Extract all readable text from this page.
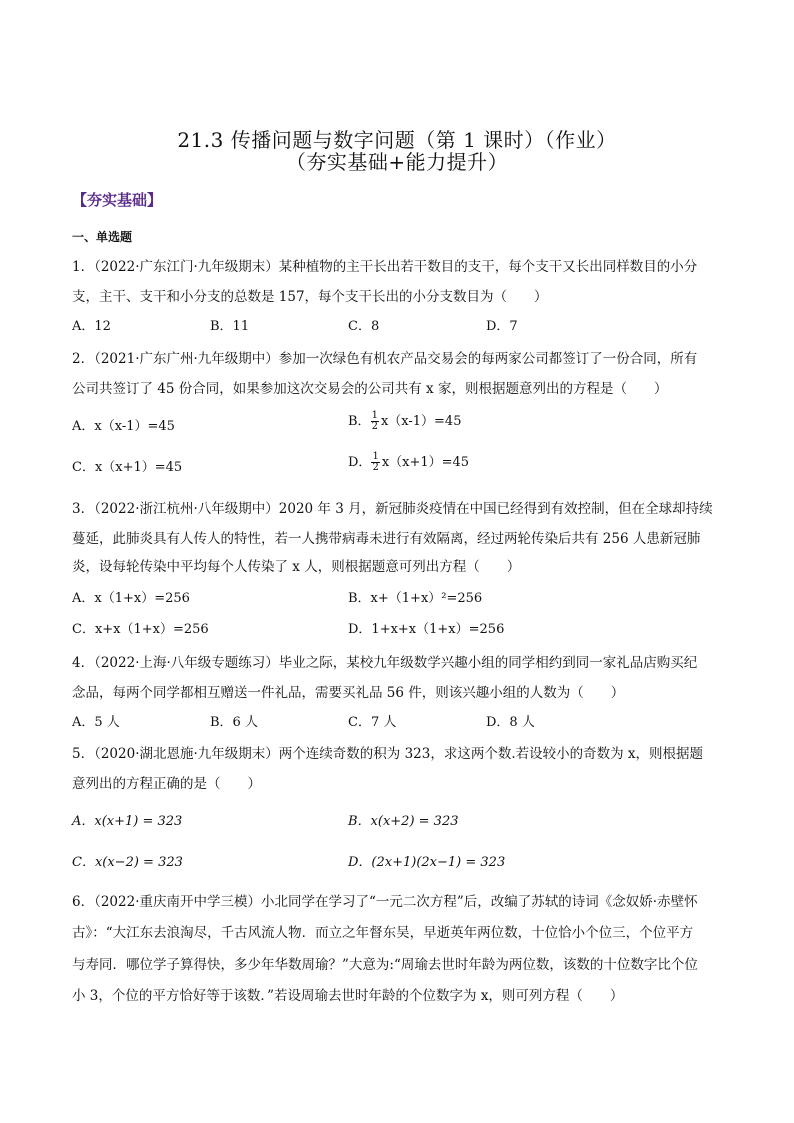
21.3 传播问题与数字问题（第 1 课时）（作业）
（夯实基础+能力提升）
【夯实基础】
一、单选题
1．（2022·广东江门·九年级期末）某种植物的主干长出若干数目的支干，每个支干又长出同样数目的小分
支，主干、支干和小分支的总数是 157，每个支干长出的小分支数目为（　　）
A．12	B．11	C．8	D．7
2．（2021·广东广州·九年级期中）参加一次绿色有机农产品交易会的每两家公司都签订了一份合同，所有
公司共签订了 45 份合同，如果参加这次交易会的公司共有 x 家，则根据题意列出的方程是（　　）
A．x（x-1）=45	B． $\frac{1}{2} x(x-1)=45$
C．x（x+1）=45	D． $\frac{1}{2} x(x+1)=45$
3．（2022·浙江杭州·八年级期中）2020 年 3 月，新冠肺炎疫情在中国已经得到有效控制，但在全球却持续
蔓延，此肺炎具有人传人的特性，若一人携带病毒未进行有效隔离，经过两轮传染后共有 256 人患新冠肺
炎，设每轮传染中平均每个人传染了 x 人，则根据题意可列出方程（　　）
A．x（1+x）=256	B．x+（1+x）²=256
C．x+x（1+x）=256	D．1+x+x（1+x）=256
4．（2022·上海·八年级专题练习）毕业之际，某校九年级数学兴趣小组的同学相约到同一家礼品店购买纪
念品，每两个同学都相互赠送一件礼品，需要买礼品 56 件，则该兴趣小组的人数为（　　）
A．5 人	B．6 人	C．7 人	D．8 人
5．（2020·湖北恩施·九年级期末）两个连续奇数的积为 323，求这两个数.若设较小的奇数为 x，则根据题
意列出的方程正确的是（　　）
A．x(x+1) = 323	B．x(x+2) = 323
C．x(x−2) = 323	D．(2x+1)(2x−1) = 323
6．（2022·重庆南开中学三模）小北同学在学习了“一元二次方程”后，改编了苏轼的诗词《念奴娇·赤壁怀
古》：“大江东去浪淘尽，千古风流人物．而立之年督东吴，早逝英年两位数，十位恰小个位三，个位平方
与寿同．哪位学子算得快，多少年华数周瑜？”大意为:“周瑜去世时年龄为两位数，该数的十位数字比个位
小 3，个位的平方恰好等于该数．”若设周瑜去世时年龄的个位数字为 x，则可列方程（　　）
